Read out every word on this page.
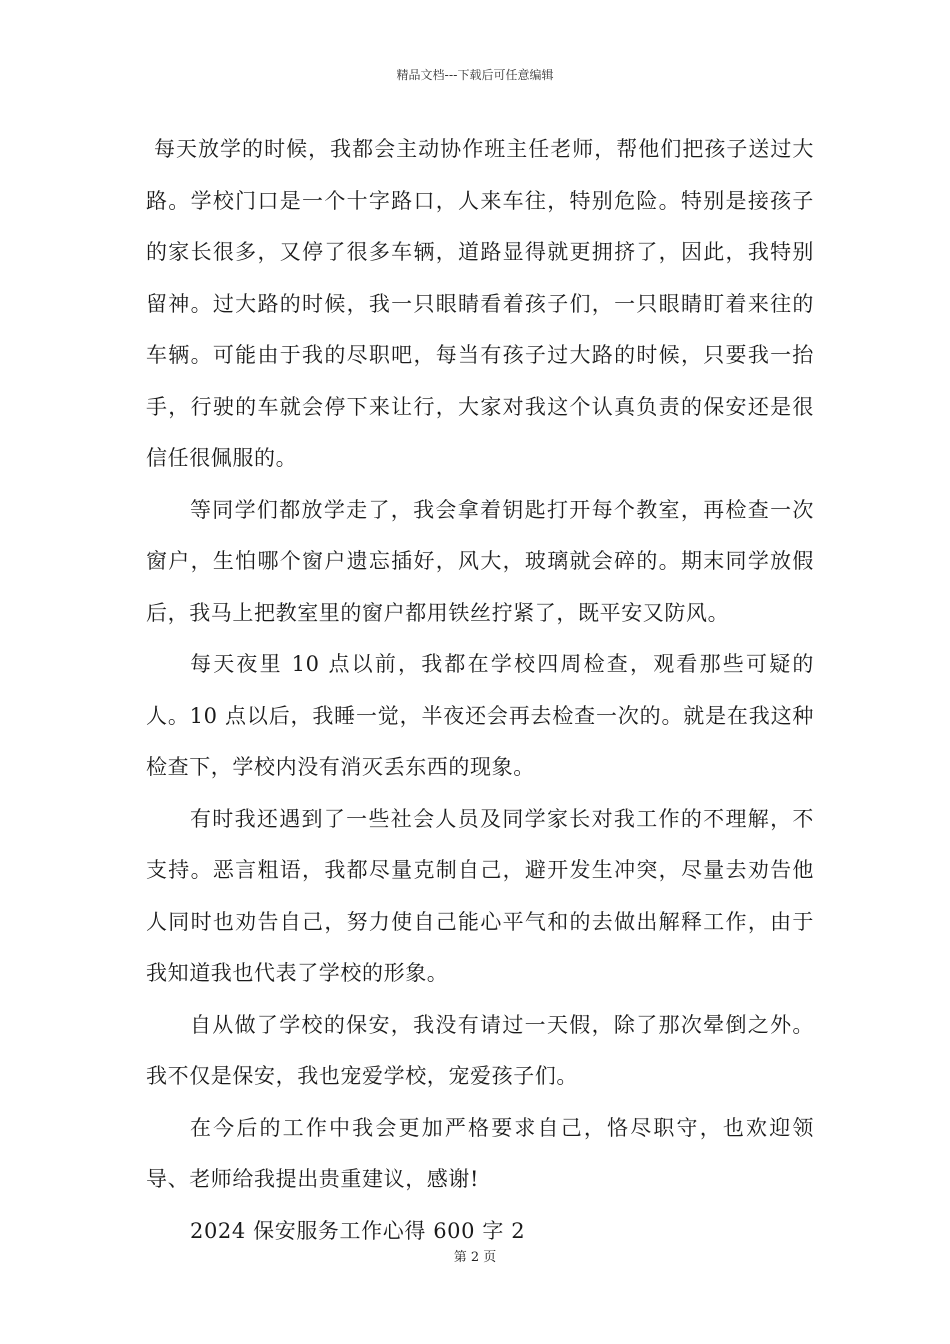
精品文档---下载后可任意编辑

每天放学的时候，我都会主动协作班主任老师，帮他们把孩子送过大路。学校门口是一个十字路口，人来车往，特别危险。特别是接孩子的家长很多，又停了很多车辆，道路显得就更拥挤了，因此，我特别留神。过大路的时候，我一只眼睛看着孩子们，一只眼睛盯着来往的车辆。可能由于我的尽职吧，每当有孩子过大路的时候，只要我一抬手，行驶的车就会停下来让行，大家对我这个认真负责的保安还是很信任很佩服的。

等同学们都放学走了，我会拿着钥匙打开每个教室，再检查一次窗户，生怕哪个窗户遗忘插好，风大，玻璃就会碎的。期末同学放假后，我马上把教室里的窗户都用铁丝拧紧了，既平安又防风。

每天夜里 10 点以前，我都在学校四周检查，观看那些可疑的人。10 点以后，我睡一觉，半夜还会再去检查一次的。就是在我这种检查下，学校内没有消灭丢东西的现象。

有时我还遇到了一些社会人员及同学家长对我工作的不理解，不支持。恶言粗语，我都尽量克制自己，避开发生冲突，尽量去劝告他人同时也劝告自己，努力使自己能心平气和的去做出解释工作，由于我知道我也代表了学校的形象。

自从做了学校的保安，我没有请过一天假，除了那次晕倒之外。我不仅是保安，我也宠爱学校，宠爱孩子们。

在今后的工作中我会更加严格要求自己，恪尽职守，也欢迎领导、老师给我提出贵重建议，感谢!

2024 保安服务工作心得 600 字 2

第 2 页
